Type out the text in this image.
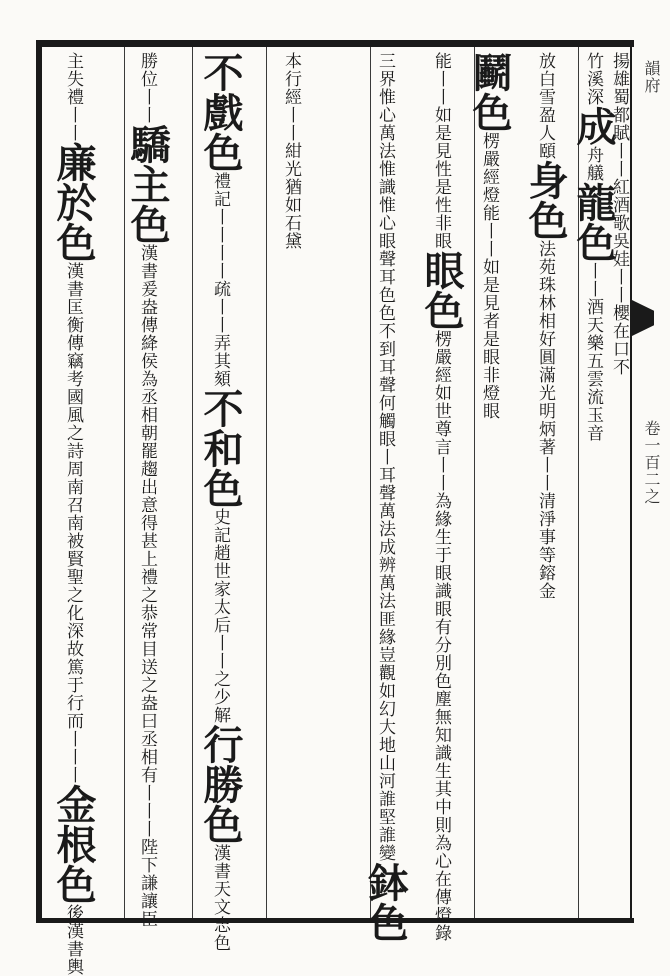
韻府
卷一百二之
竹溪深成舟艤龍色丨丨酒天樂五雲流玉音
放白雪盈人頤身色法苑珠林相好圓滿光明炳著丨丨清淨事等鎔金
鬬色楞嚴經燈能丨丨如是見者是眼非燈眼
能丨丨如是見性是性非眼眼色楞嚴經如世尊言丨丨為緣生于眼識眼有分別色塵無知識生其中則為心在傳燈錄
三界惟心萬法惟識惟心眼聲耳色色不到耳聲何觸眼丨耳聲萬法成辨萬法匪緣豈觀如幻大地山河誰堅誰變鉢色
本行經丨丨紺光猶如石黛
不戲色禮記丨丨丨丨疏丨丨弄其頦不和色史記趙世家太后丨丨之少解行勝色漢書天文志色
勝位丨丨驕主色漢書爰盎傳絳侯為丞相朝罷趨出意得甚上禮之恭常目送之盎曰丞相有丨丨丨陛下謙讓臣
主失禮丨丨廉於色漢書匡衡傳竊考國風之詩周南召南被賢聖之化深故篤于行而丨丨丨金根色後漢書輿
揚雄蜀都賦丨丨紅酒歌吳娃丨丨櫻在口不
